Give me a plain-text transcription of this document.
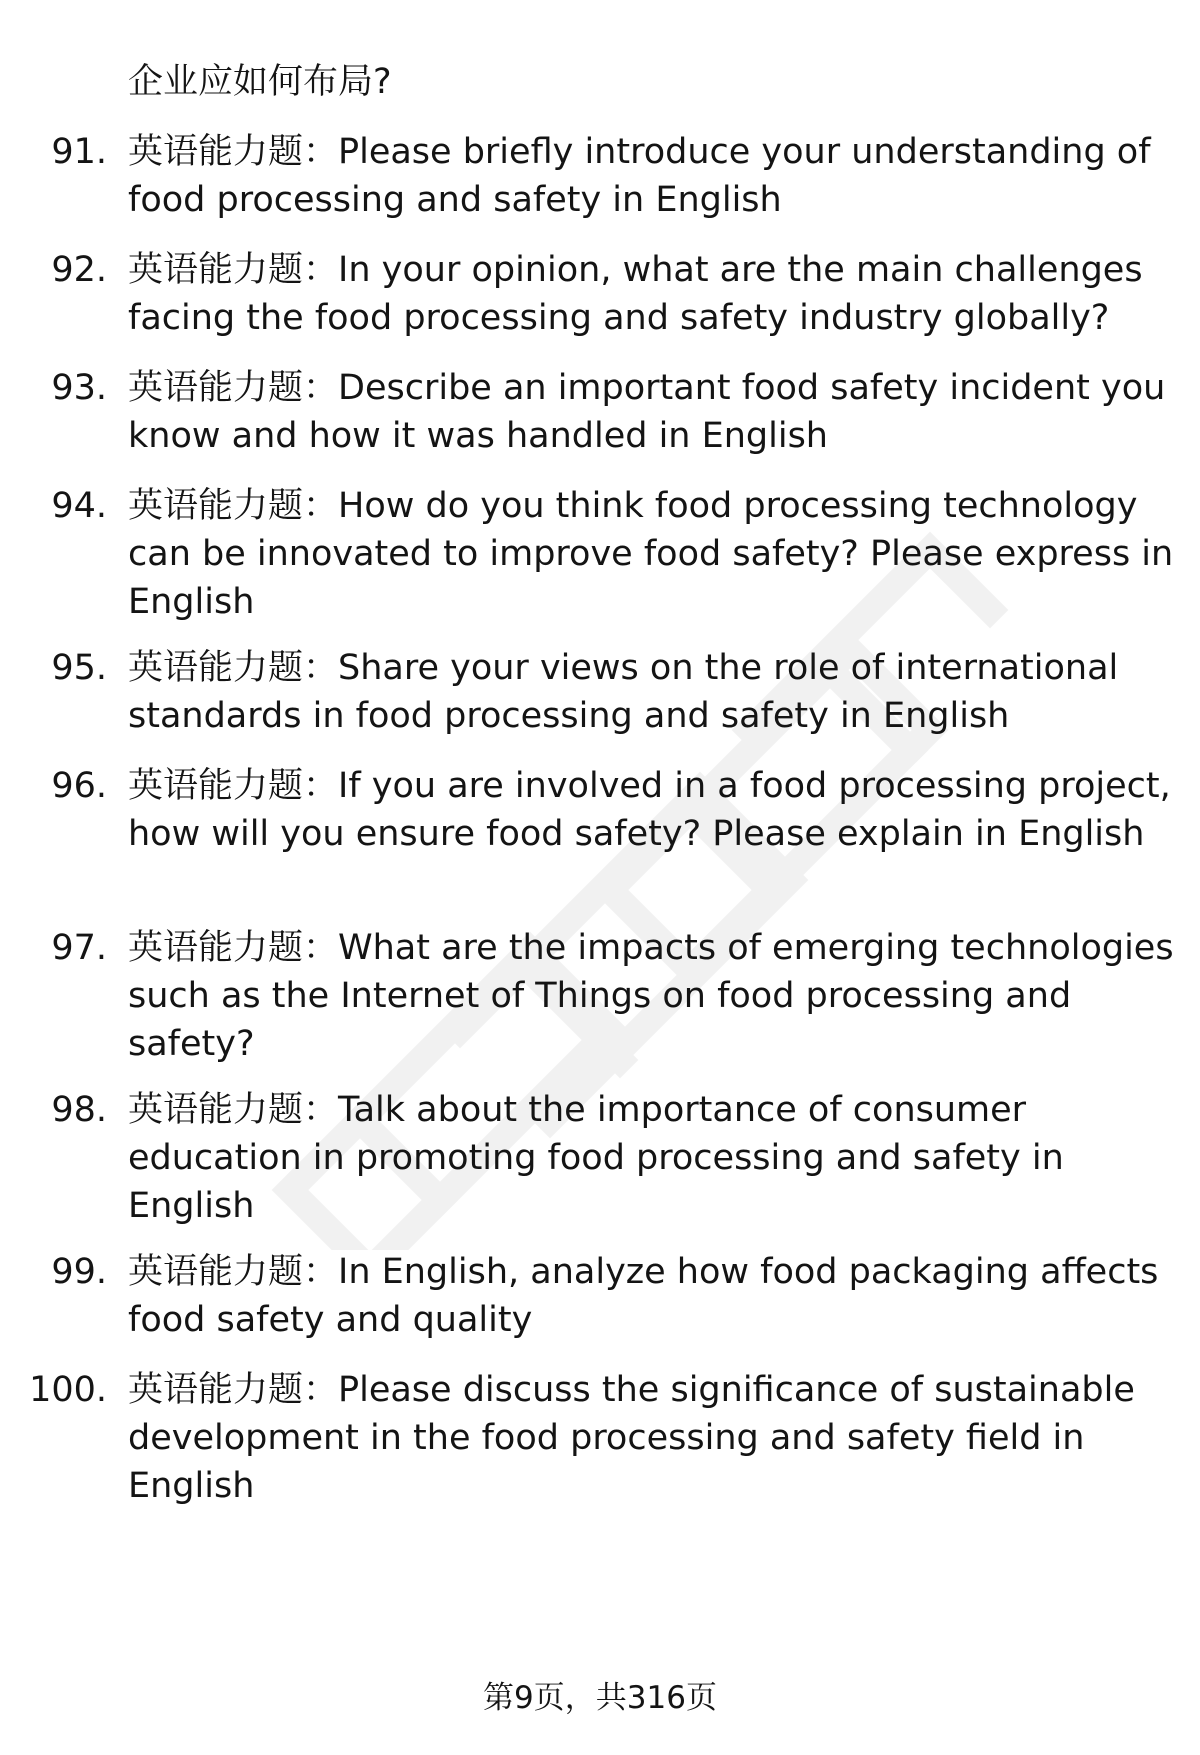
企业应如何布局?

91. 英语能力题：Please briefly introduce your understanding of food processing and safety in English

92. 英语能力题：In your opinion, what are the main challenges facing the food processing and safety industry globally?

93. 英语能力题：Describe an important food safety incident you know and how it was handled in English

94. 英语能力题：How do you think food processing technology can be innovated to improve food safety? Please express in English

95. 英语能力题：Share your views on the role of international standards in food processing and safety in English

96. 英语能力题：If you are involved in a food processing project, how will you ensure food safety? Please explain in English

97. 英语能力题：What are the impacts of emerging technologies such as the Internet of Things on food processing and safety?

98. 英语能力题：Talk about the importance of consumer education in promoting food processing and safety in English

99. 英语能力题：In English, analyze how food packaging affects food safety and quality

100. 英语能力题：Please discuss the significance of sustainable development in the food processing and safety field in English

第9页，共316页
